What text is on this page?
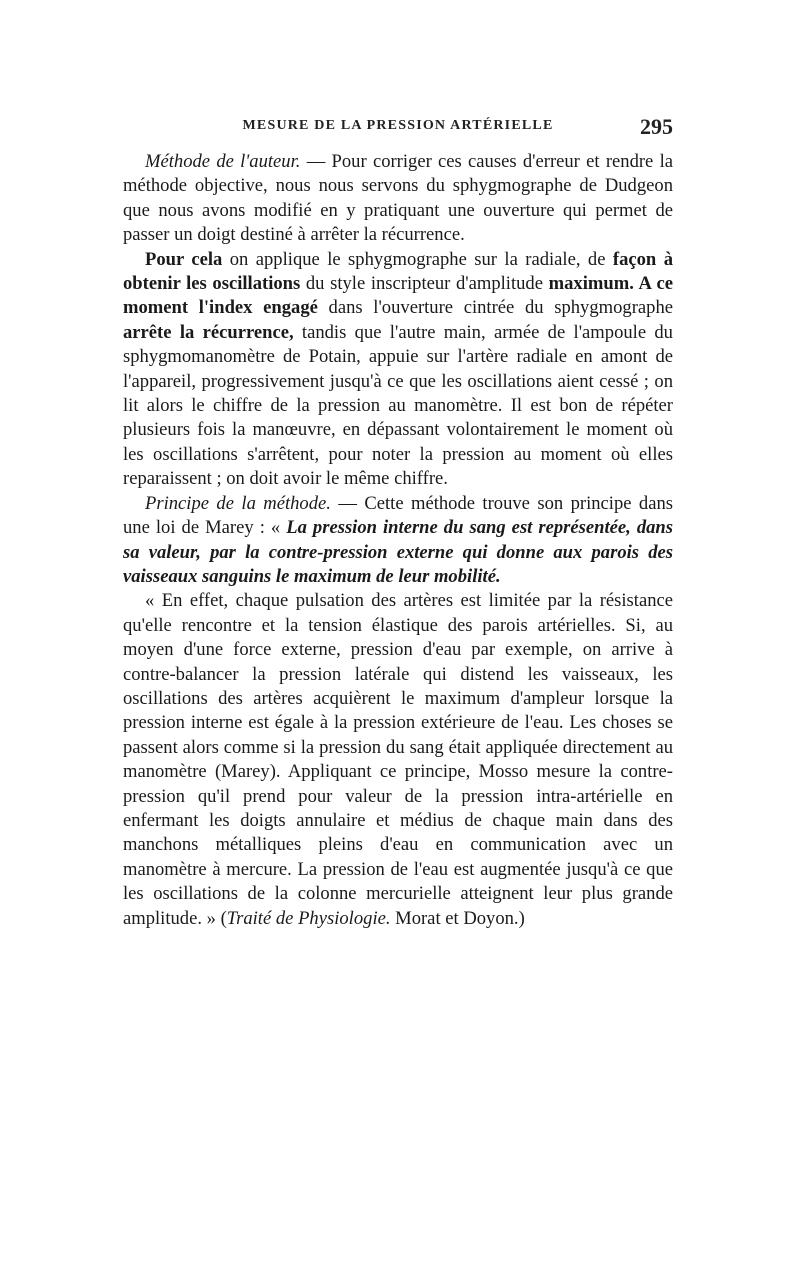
MESURE DE LA PRESSION ARTÉRIELLE	295

Méthode de l'auteur. — Pour corriger ces causes d'erreur et rendre la méthode objective, nous nous servons du sphygmographe de Dudgeon que nous avons modifié en y pratiquant une ouverture qui permet de passer un doigt destiné à arrêter la récurrence.

Pour cela on applique le sphygmographe sur la radiale, de façon à obtenir les oscillations du style inscripteur d'amplitude maximum. A ce moment l'index engagé dans l'ouverture cintrée du sphygmographe arrête la récurrence, tandis que l'autre main, armée de l'ampoule du sphygmomanomètre de Potain, appuie sur l'artère radiale en amont de l'appareil, progressivement jusqu'à ce que les oscillations aient cessé ; on lit alors le chiffre de la pression au manomètre. Il est bon de répéter plusieurs fois la manœuvre, en dépassant volontairement le moment où les oscillations s'arrêtent, pour noter la pression au moment où elles reparaissent ; on doit avoir le même chiffre.

Principe de la méthode. — Cette méthode trouve son principe dans une loi de Marey : « La pression interne du sang est représentée, dans sa valeur, par la contre-pression externe qui donne aux parois des vaisseaux sanguins le maximum de leur mobilité.

« En effet, chaque pulsation des artères est limitée par la résistance qu'elle rencontre et la tension élastique des parois artérielles. Si, au moyen d'une force externe, pression d'eau par exemple, on arrive à contre-balancer la pression latérale qui distend les vaisseaux, les oscillations des artères acquièrent le maximum d'ampleur lorsque la pression interne est égale à la pression extérieure de l'eau. Les choses se passent alors comme si la pression du sang était appliquée directement au manomètre (Marey). Appliquant ce principe, Mosso mesure la contre-pression qu'il prend pour valeur de la pression intra-artérielle en enfermant les doigts annulaire et médius de chaque main dans des manchons métalliques pleins d'eau en communication avec un manomètre à mercure. La pression de l'eau est augmentée jusqu'à ce que les oscillations de la colonne mercurielle atteignent leur plus grande amplitude. » (Traité de Physiologie. Morat et Doyon.)
